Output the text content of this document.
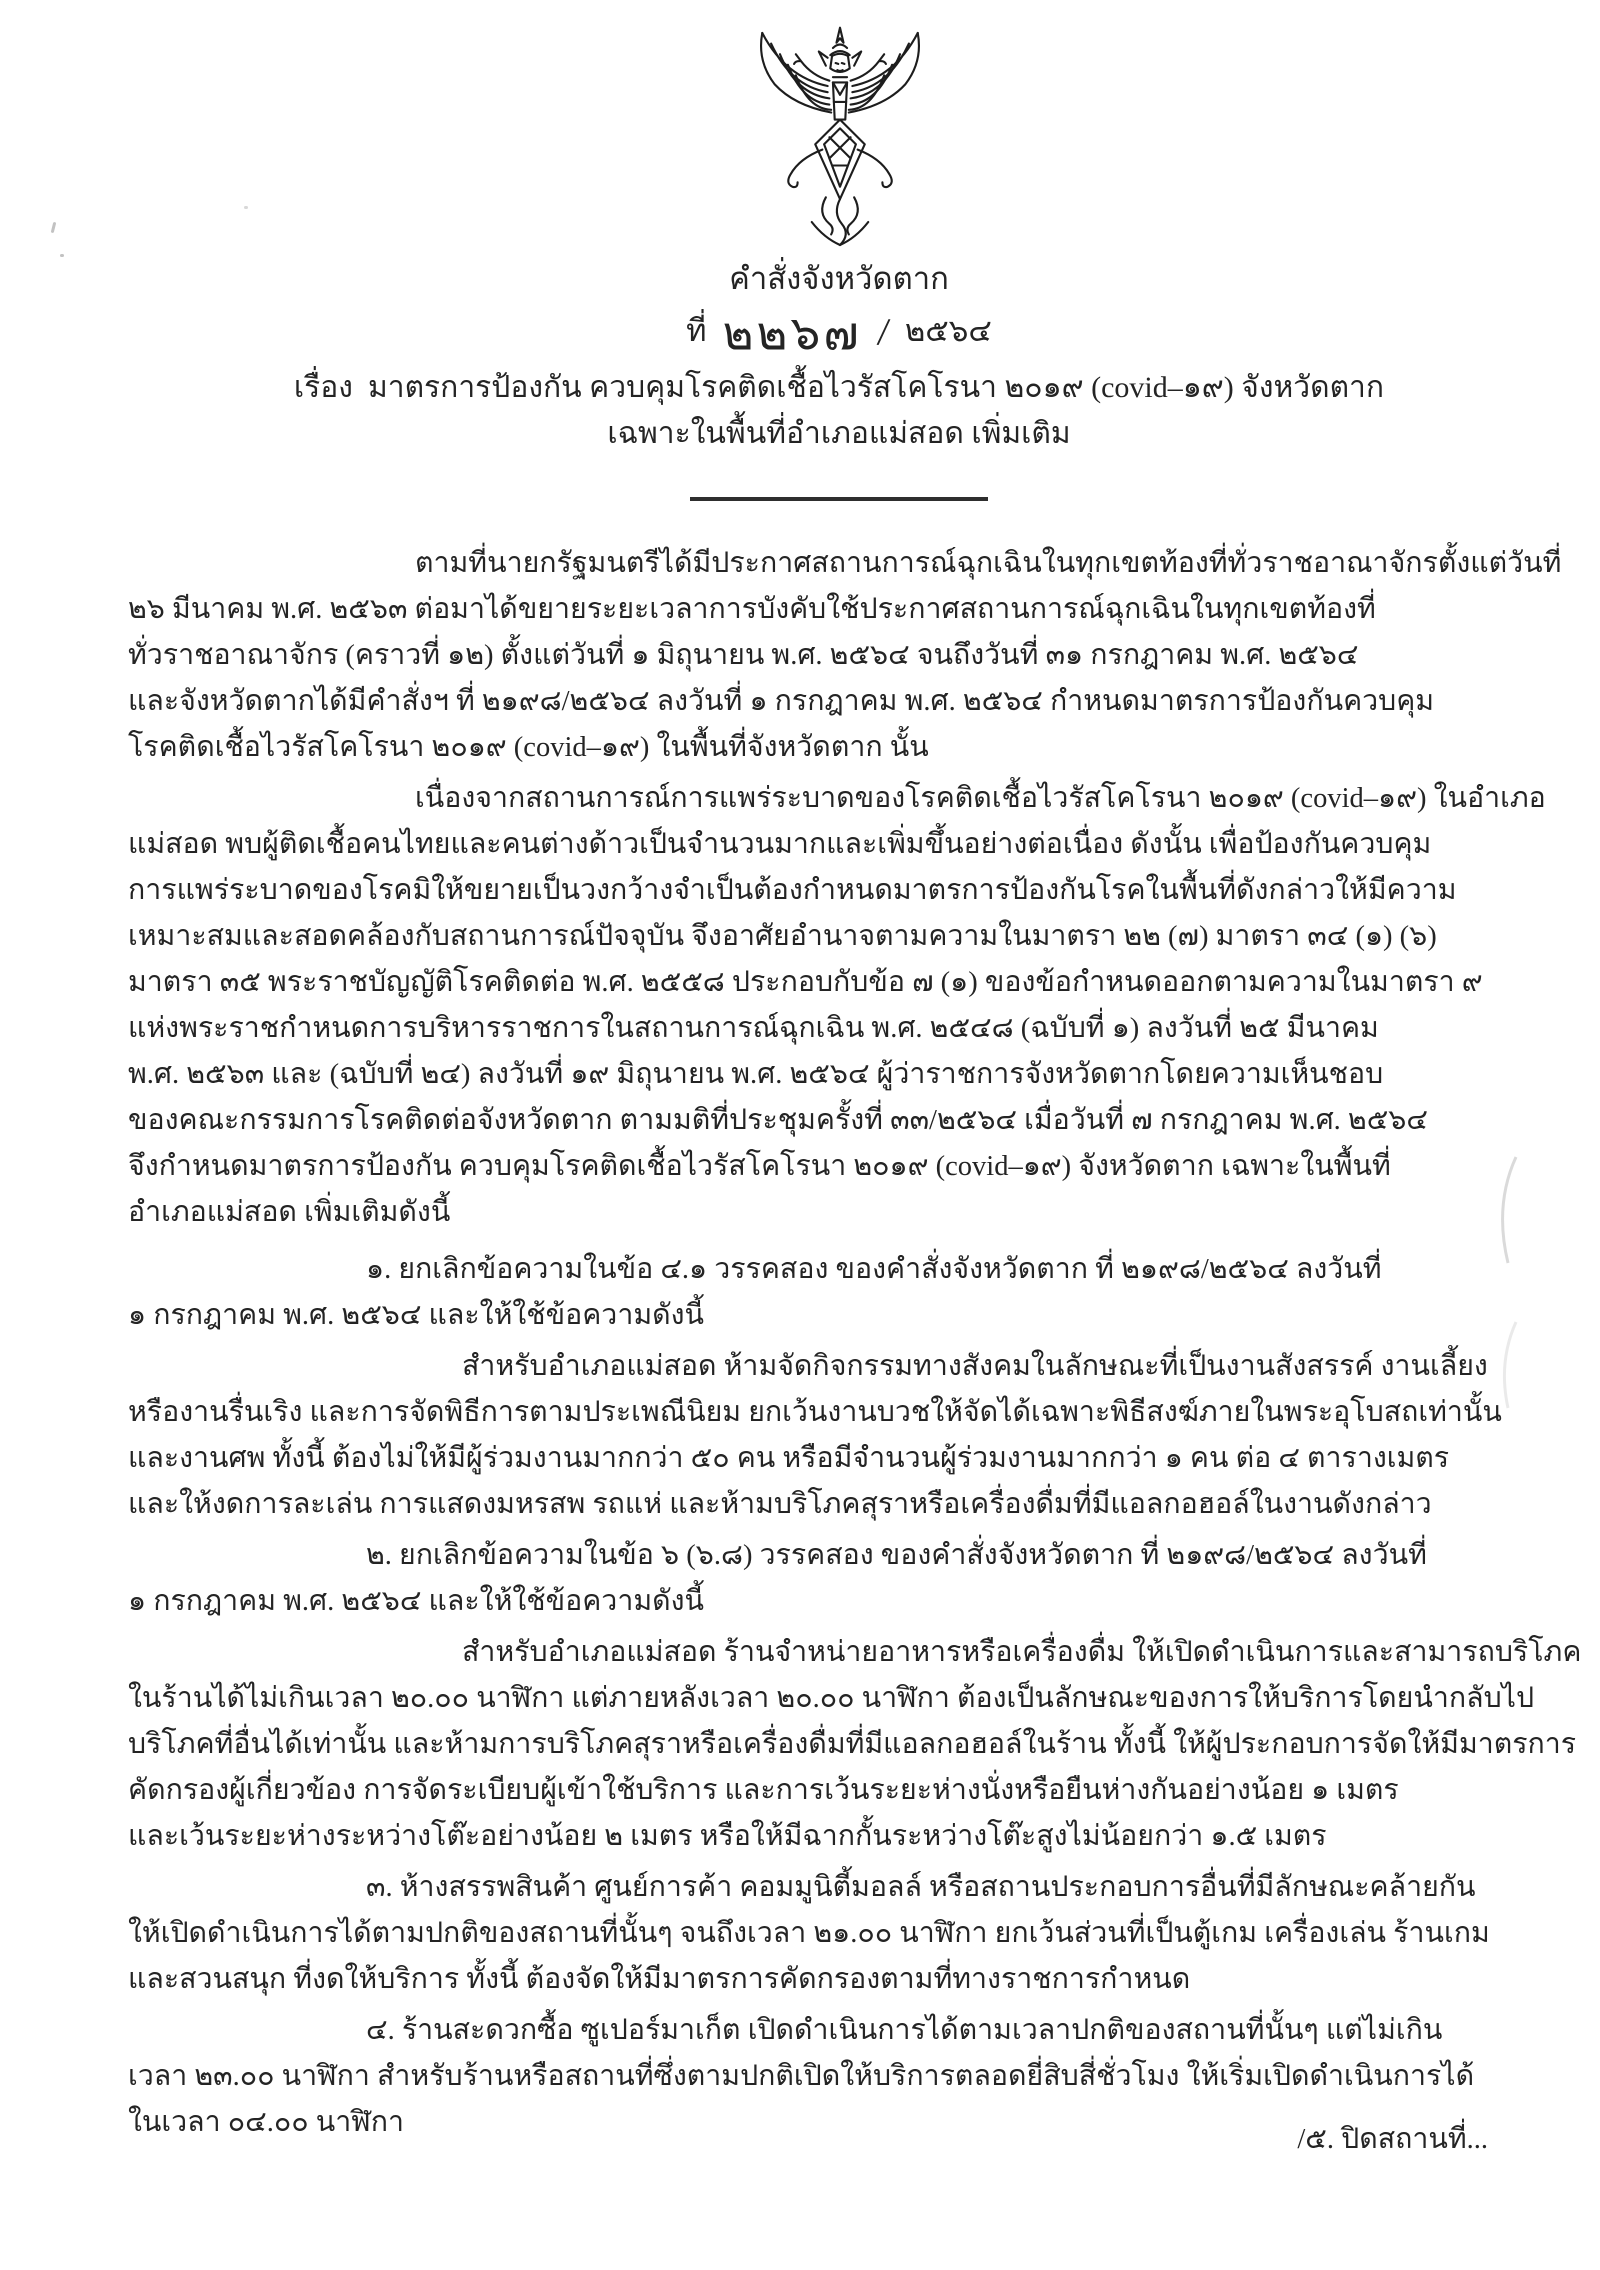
คำสั่งจังหวัดตาก
ที่ ๒๒๖๗ / ๒๕๖๔
เรื่อง  มาตรการป้องกัน ควบคุมโรคติดเชื้อไวรัสโคโรนา ๒๐๑๙ (covid–๑๙) จังหวัดตาก
เฉพาะในพื้นที่อำเภอแม่สอด เพิ่มเติม
ตามที่นายกรัฐมนตรีได้มีประกาศสถานการณ์ฉุกเฉินในทุกเขตท้องที่ทั่วราชอาณาจักรตั้งแต่วันที่
๒๖ มีนาคม พ.ศ. ๒๕๖๓ ต่อมาได้ขยายระยะเวลาการบังคับใช้ประกาศสถานการณ์ฉุกเฉินในทุกเขตท้องที่
ทั่วราชอาณาจักร (คราวที่ ๑๒) ตั้งแต่วันที่ ๑ มิถุนายน พ.ศ. ๒๕๖๔ จนถึงวันที่ ๓๑ กรกฎาคม พ.ศ. ๒๕๖๔
และจังหวัดตากได้มีคำสั่งฯ ที่ ๒๑๙๘/๒๕๖๔ ลงวันที่ ๑ กรกฎาคม พ.ศ. ๒๕๖๔ กำหนดมาตรการป้องกันควบคุม
โรคติดเชื้อไวรัสโคโรนา ๒๐๑๙ (covid–๑๙) ในพื้นที่จังหวัดตาก นั้น
เนื่องจากสถานการณ์การแพร่ระบาดของโรคติดเชื้อไวรัสโคโรนา ๒๐๑๙ (covid–๑๙) ในอำเภอ
แม่สอด พบผู้ติดเชื้อคนไทยและคนต่างด้าวเป็นจำนวนมากและเพิ่มขึ้นอย่างต่อเนื่อง ดังนั้น เพื่อป้องกันควบคุม
การแพร่ระบาดของโรคมิให้ขยายเป็นวงกว้างจำเป็นต้องกำหนดมาตรการป้องกันโรคในพื้นที่ดังกล่าวให้มีความ
เหมาะสมและสอดคล้องกับสถานการณ์ปัจจุบัน จึงอาศัยอำนาจตามความในมาตรา ๒๒ (๗) มาตรา ๓๔ (๑) (๖)
มาตรา ๓๕ พระราชบัญญัติโรคติดต่อ พ.ศ. ๒๕๕๘ ประกอบกับข้อ ๗ (๑) ของข้อกำหนดออกตามความในมาตรา ๙
แห่งพระราชกำหนดการบริหารราชการในสถานการณ์ฉุกเฉิน พ.ศ. ๒๕๔๘ (ฉบับที่ ๑) ลงวันที่ ๒๕ มีนาคม
พ.ศ. ๒๕๖๓ และ (ฉบับที่ ๒๔) ลงวันที่ ๑๙ มิถุนายน พ.ศ. ๒๕๖๔ ผู้ว่าราชการจังหวัดตากโดยความเห็นชอบ
ของคณะกรรมการโรคติดต่อจังหวัดตาก ตามมติที่ประชุมครั้งที่ ๓๓/๒๕๖๔ เมื่อวันที่ ๗ กรกฎาคม พ.ศ. ๒๕๖๔
จึงกำหนดมาตรการป้องกัน ควบคุมโรคติดเชื้อไวรัสโคโรนา ๒๐๑๙ (covid–๑๙) จังหวัดตาก เฉพาะในพื้นที่
อำเภอแม่สอด เพิ่มเติมดังนี้
๑. ยกเลิกข้อความในข้อ ๔.๑ วรรคสอง ของคำสั่งจังหวัดตาก ที่ ๒๑๙๘/๒๕๖๔ ลงวันที่
๑ กรกฎาคม พ.ศ. ๒๕๖๔ และให้ใช้ข้อความดังนี้
สำหรับอำเภอแม่สอด ห้ามจัดกิจกรรมทางสังคมในลักษณะที่เป็นงานสังสรรค์ งานเลี้ยง
หรืองานรื่นเริง และการจัดพิธีการตามประเพณีนิยม ยกเว้นงานบวชให้จัดได้เฉพาะพิธีสงฆ์ภายในพระอุโบสถเท่านั้น
และงานศพ ทั้งนี้ ต้องไม่ให้มีผู้ร่วมงานมากกว่า ๕๐ คน หรือมีจำนวนผู้ร่วมงานมากกว่า ๑ คน ต่อ ๔ ตารางเมตร
และให้งดการละเล่น การแสดงมหรสพ รถแห่ และห้ามบริโภคสุราหรือเครื่องดื่มที่มีแอลกอฮอล์ในงานดังกล่าว
๒. ยกเลิกข้อความในข้อ ๖ (๖.๘) วรรคสอง ของคำสั่งจังหวัดตาก ที่ ๒๑๙๘/๒๕๖๔ ลงวันที่
๑ กรกฎาคม พ.ศ. ๒๕๖๔ และให้ใช้ข้อความดังนี้
สำหรับอำเภอแม่สอด ร้านจำหน่ายอาหารหรือเครื่องดื่ม ให้เปิดดำเนินการและสามารถบริโภค
ในร้านได้ไม่เกินเวลา ๒๐.๐๐ นาฬิกา แต่ภายหลังเวลา ๒๐.๐๐ นาฬิกา ต้องเป็นลักษณะของการให้บริการโดยนำกลับไป
บริโภคที่อื่นได้เท่านั้น และห้ามการบริโภคสุราหรือเครื่องดื่มที่มีแอลกอฮอล์ในร้าน ทั้งนี้ ให้ผู้ประกอบการจัดให้มีมาตรการ
คัดกรองผู้เกี่ยวข้อง การจัดระเบียบผู้เข้าใช้บริการ และการเว้นระยะห่างนั่งหรือยืนห่างกันอย่างน้อย ๑ เมตร
และเว้นระยะห่างระหว่างโต๊ะอย่างน้อย ๒ เมตร หรือให้มีฉากกั้นระหว่างโต๊ะสูงไม่น้อยกว่า ๑.๕ เมตร
๓. ห้างสรรพสินค้า ศูนย์การค้า คอมมูนิตี้มอลล์ หรือสถานประกอบการอื่นที่มีลักษณะคล้ายกัน
ให้เปิดดำเนินการได้ตามปกติของสถานที่นั้นๆ จนถึงเวลา ๒๑.๐๐ นาฬิกา ยกเว้นส่วนที่เป็นตู้เกม เครื่องเล่น ร้านเกม
และสวนสนุก ที่งดให้บริการ ทั้งนี้ ต้องจัดให้มีมาตรการคัดกรองตามที่ทางราชการกำหนด
๔. ร้านสะดวกซื้อ ซูเปอร์มาเก็ต เปิดดำเนินการได้ตามเวลาปกติของสถานที่นั้นๆ แต่ไม่เกิน
เวลา ๒๓.๐๐ นาฬิกา สำหรับร้านหรือสถานที่ซึ่งตามปกติเปิดให้บริการตลอดยี่สิบสี่ชั่วโมง ให้เริ่มเปิดดำเนินการได้
ในเวลา ๐๔.๐๐ นาฬิกา
/๕. ปิดสถานที่...
